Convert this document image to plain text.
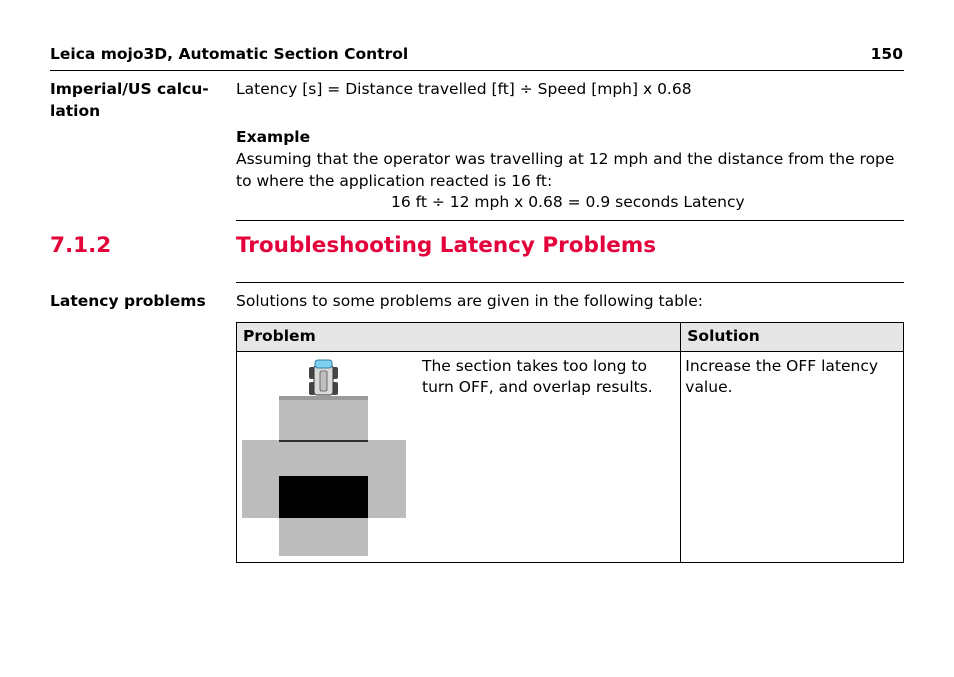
Leica mojo3D, Automatic Section Control	150
Imperial/US calcu-
lation
Latency [s] = Distance travelled [ft] ÷ Speed [mph] x 0.68
Example
Assuming that the operator was travelling at 12 mph and the distance from the rope to where the application reacted is 16 ft:
16 ft ÷ 12 mph x 0.68 = 0.9 seconds Latency
7.1.2	Troubleshooting Latency Problems
Latency problems	Solutions to some problems are given in the following table:
Problem	Solution

The section takes too long to turn OFF, and overlap results.	Increase the OFF latency value.
